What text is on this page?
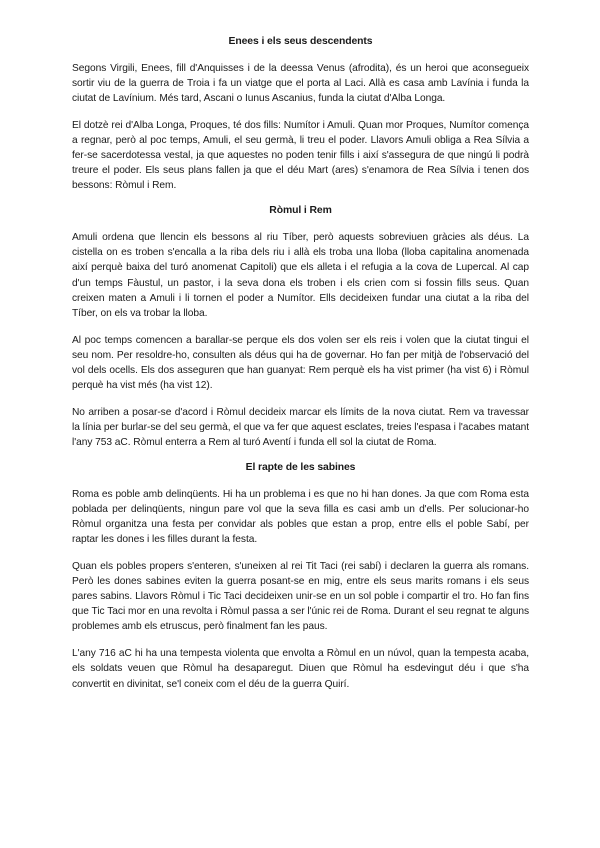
Enees i els seus descendents

Segons Virgili, Enees, fill d'Anquisses i de la deessa Venus (afrodita), és un heroi que aconsegueix sortir viu de la guerra de Troia i fa un viatge que el porta al Laci. Allà es casa amb Lavínia i funda la ciutat de Lavínium. Més tard, Ascani o Iunus Ascanius, funda la ciutat d'Alba Longa.

El dotzè rei d'Alba Longa, Proques, té dos fills: Numítor i Amuli. Quan mor Proques, Numítor comença a regnar, però al poc temps, Amuli, el seu germà, li treu el poder. Llavors Amuli obliga a Rea Sílvia a fer-se sacerdotessa vestal, ja que aquestes no poden tenir fills i així s'assegura de que ningú li podrà treure el poder. Els seus plans fallen ja que el déu Mart (ares) s'enamora de Rea Sílvia i tenen dos bessons: Ròmul i Rem.

Ròmul i Rem

Amuli ordena que llencin els bessons al riu Tíber, però aquests sobreviuen gràcies als déus. La cistella on es troben s'encalla a la riba dels riu i allà els troba una lloba (lloba capitalina anomenada així perquè baixa del turó anomenat Capitoli) que els alleta i el refugia a la cova de Lupercal. Al cap d'un temps Fàustul, un pastor, i la seva dona els troben i els crien com si fossin fills seus. Quan creixen maten a Amuli i li tornen el poder a Numítor. Ells decideixen fundar una ciutat a la riba del Tíber, on els va trobar la lloba.

Al poc temps comencen a barallar-se perque els dos volen ser els reis i volen que la ciutat tingui el seu nom. Per resoldre-ho, consulten als déus qui ha de governar. Ho fan per mitjà de l'observació del vol dels ocells. Els dos asseguren que han guanyat: Rem perquè els ha vist primer (ha vist 6) i Ròmul perquè ha vist més (ha vist 12).

No arriben a posar-se d'acord i Ròmul decideix marcar els límits de la nova ciutat. Rem va travessar la línia per burlar-se del seu germà, el que va fer que aquest esclates, treies l'espasa i l'acabes matant l'any 753 aC. Ròmul enterra a Rem al turó Aventí i funda ell sol la ciutat de Roma.

El rapte de les sabines

Roma es poble amb delinqüents. Hi ha un problema i es que no hi han dones. Ja que com Roma esta poblada per delinqüents, ningun pare vol que la seva filla es casi amb un d'ells. Per solucionar-ho Ròmul organitza una festa per convidar als pobles que estan a prop, entre ells el poble Sabí, per raptar les dones i les filles durant la festa.

Quan els pobles propers s'enteren, s'uneixen al rei Tit Taci (rei sabí) i declaren la guerra als romans. Però les dones sabines eviten la guerra posant-se en mig, entre els seus marits romans i els seus pares sabins. Llavors Ròmul i Tic Taci decideixen unir-se en un sol poble i compartir el tro. Ho fan fins que Tic Taci mor en una revolta i Ròmul passa a ser l'únic rei de Roma. Durant el seu regnat te alguns problemes amb els etruscus, però finalment fan les paus.

L'any 716 aC hi ha una tempesta violenta que envolta a Ròmul en un núvol, quan la tempesta acaba, els soldats veuen que Ròmul ha desaparegut. Diuen que Ròmul ha esdevingut déu i que s'ha convertit en divinitat, se'l coneix com el déu de la guerra Quirí.
